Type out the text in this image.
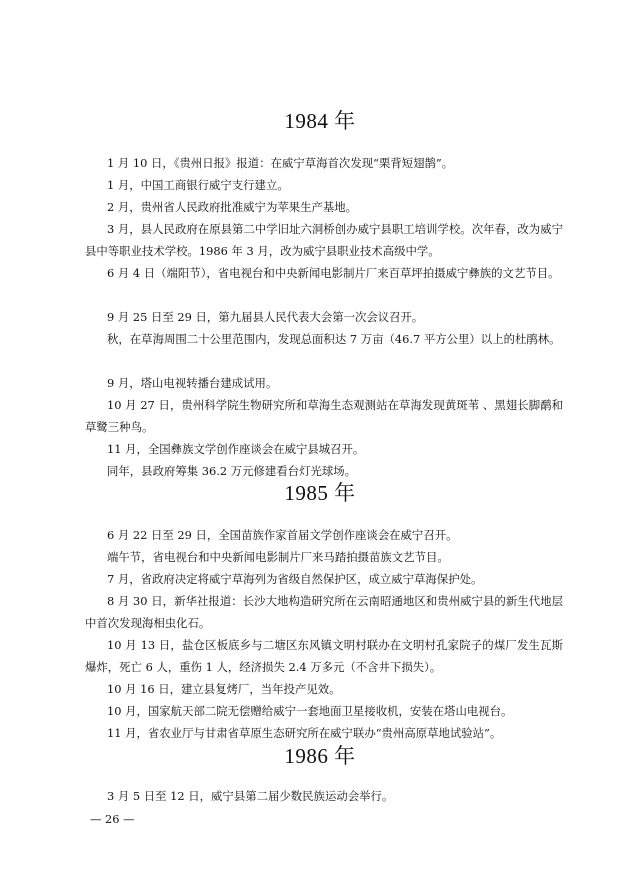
1984 年

1 月 10 日，《贵州日报》报道：在威宁草海首次发现“栗背短翅鹊”。

1 月，中国工商银行威宁支行建立。

2 月，贵州省人民政府批准威宁为苹果生产基地。

3 月，县人民政府在原县第二中学旧址六洞桥创办威宁县职工培训学校。次年春，改为威宁县中等职业技术学校。1986 年 3 月，改为威宁县职业技术高级中学。

6 月 4 日（端阳节），省电视台和中央新闻电影制片厂来百草坪拍摄威宁彝族的文艺节目。

9 月 25 日至 29 日，第九届县人民代表大会第一次会议召开。

秋，在草海周围二十公里范围内，发现总面积达 7 万亩（46.7 平方公里）以上的杜鹃林。

9 月，塔山电视转播台建成试用。

10 月 27 日，贵州科学院生物研究所和草海生态观测站在草海发现黄斑苇 、黑翅长脚鹬和草鹭三种鸟。

11 月，全国彝族文学创作座谈会在威宁县城召开。

同年，县政府筹集 36.2 万元修建看台灯光球场。

1985 年

6 月 22 日至 29 日，全国苗族作家首届文学创作座谈会在威宁召开。

端午节，省电视台和中央新闻电影制片厂来马踏拍摄苗族文艺节目。

7 月，省政府决定将威宁草海列为省级自然保护区，成立威宁草海保护处。

8 月 30 日，新华社报道：长沙大地构造研究所在云南昭通地区和贵州威宁县的新生代地层中首次发现海相虫化石。

10 月 13 日，盐仓区板底乡与二塘区东风镇文明村联办在文明村孔家院子的煤厂发生瓦斯爆炸，死亡 6 人，重伤 1 人，经济损失 2.4 万多元（不含井下损失）。

10 月 16 日，建立县复烤厂，当年投产见效。

10 月，国家航天部二院无偿赠给威宁一套地面卫星接收机，安装在塔山电视台。

11 月，省农业厅与甘肃省草原生态研究所在威宁联办“贵州高原草地试验站”。

1986 年

3 月 5 日至 12 日，威宁县第二届少数民族运动会举行。

— 26 —
